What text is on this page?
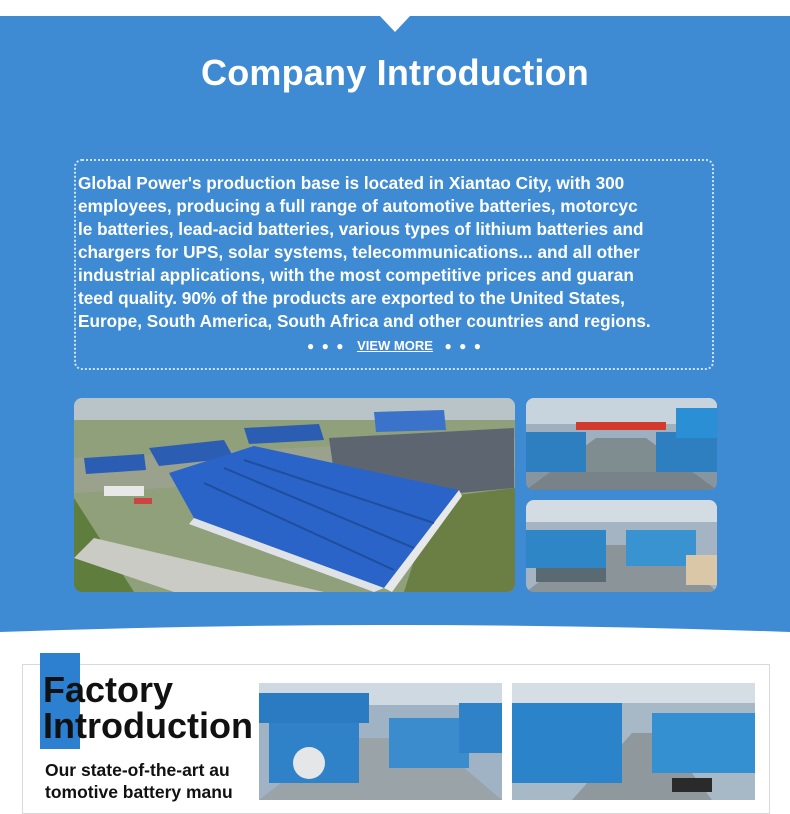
Company Introduction

Global Power's production base is located in Xiantao City, with 300
employees, producing a full range of automotive batteries, motorcyc
le batteries, lead-acid batteries, various types of lithium batteries and
chargers for UPS, solar systems, telecommunications... and all other
industrial applications, with the most competitive prices and guaran
teed quality. 90% of the products are exported to the United States,
Europe, South America, South Africa and other countries and regions.

● ● ● VIEW MORE ● ● ●
Factory
Introduction

Our state-of-the-art au
tomotive battery manu
